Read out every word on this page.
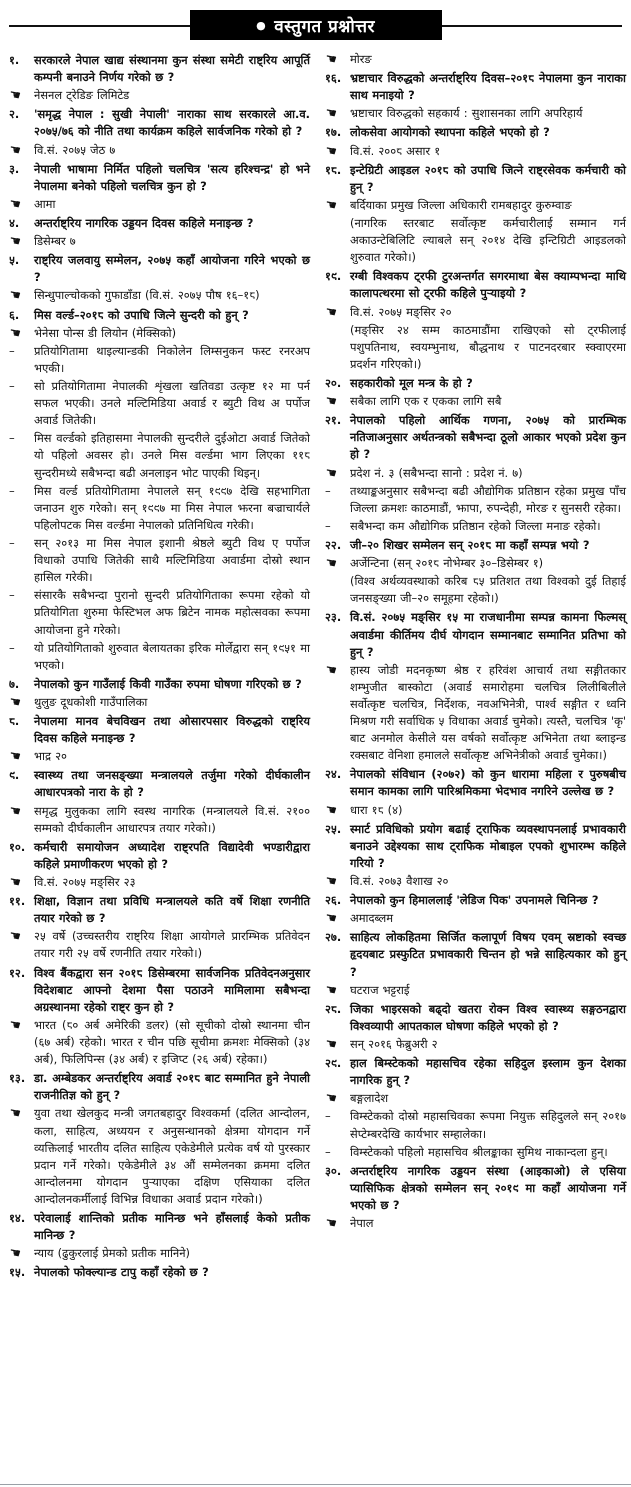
● वस्तुगत प्रश्नोत्तर
१.	सरकारले नेपाल खाद्य संस्थानमा कुन संस्था समेटी राष्ट्रिय आपूर्ति कम्पनी बनाउने निर्णय गरेको छ ?
☚	नेसनल ट्रेडिङ लिमिटेड
२.	'समृद्ध नेपाल : सुखी नेपाली' नाराका साथ सरकारले आ.व. २०७५/७६ को नीति तथा कार्यक्रम कहिले सार्वजनिक गरेको हो ?
☚	वि.सं. २०७५ जेठ ७
३.	नेपाली भाषामा निर्मित पहिलो चलचित्र 'सत्य हरिश्चन्द्र' हो भने नेपालमा बनेको पहिलो चलचित्र कुन हो ?
☚	आमा
४.	अन्तर्राष्ट्रिय नागरिक उड्डयन दिवस कहिले मनाइन्छ ?
☚	डिसेम्बर ७
५.	राष्ट्रिय जलवायु सम्मेलन, २०७५ कहाँ आयोजना गरिने भएको छ ?
☚	सिन्धुपाल्चोकको गुफाडाँडा (वि.सं. २०७५ पौष १६–१८)
६.	मिस वर्ल्ड–२०१८ को उपाधि जित्ने सुन्दरी को हुन् ?
☚	भेनेसा पोन्स डी लियोन (मेक्सिको)
–	प्रतियोगितामा थाइल्यान्डकी निकोलेन लिम्सनुकन फस्ट रनरअप भएकी।
–	सो प्रतियोगितामा नेपालकी शृंखला खतिवडा उत्कृष्ट १२ मा पर्न सफल भएकी। उनले मल्टिमिडिया अवार्ड र ब्युटी विथ अ पर्पोज अवार्ड जितेकी।
–	मिस वर्ल्डको इतिहासमा नेपालकी सुन्दरीले दुईओटा अवार्ड जितेको यो पहिलो अवसर हो। उनले मिस वर्ल्डमा भाग लिएका ११८ सुन्दरीमध्ये सबैभन्दा बढी अनलाइन भोट पाएकी थिइन्।
–	मिस वर्ल्ड प्रतियोगितामा नेपालले सन् १९९७ देखि सहभागिता जनाउन शुरु गरेको। सन् १९९७ मा मिस नेपाल झरना बज्राचार्यले पहिलोपटक मिस वर्ल्डमा नेपालको प्रतिनिधित्व गरेकी।
–	सन् २०१३ मा मिस नेपाल इशानी श्रेष्ठले ब्युटी विथ ए पर्पोज विधाको उपाधि जितेकी साथै मल्टिमिडिया अवार्डमा दोस्रो स्थान हासिल गरेकी।
–	संसारकै सबैभन्दा पुरानो सुन्दरी प्रतियोगिताका रूपमा रहेको यो प्रतियोगिता शुरुमा फेस्टिभल अफ ब्रिटेन नामक महोत्सवका रूपमा आयोजना हुने गरेको।
–	यो प्रतियोगिताको शुरुवात बेलायतका इरिक मोर्लेद्वारा सन् १९५१ मा भएको।
७.	नेपालको कुन गाउँलाई किवी गाउँका रुपमा घोषणा गरिएको छ ?
☚	थुलुङ दूधकोशी गाउँपालिका
८.	नेपालमा मानव बेचविखन तथा ओसारपसार विरुद्धको राष्ट्रिय दिवस कहिले मनाइन्छ ?
☚	भाद्र २०
९.	स्वास्थ्य तथा जनसङ्ख्या मन्त्रालयले तर्जुमा गरेको दीर्घकालीन आधारपत्रको नारा के हो ?
☚	समृद्ध मुलुकका लागि स्वस्थ नागरिक (मन्त्रालयले वि.सं. २१०० सम्मको दीर्घकालीन आधारपत्र तयार गरेको।)
१०. कर्मचारी समायोजन अध्यादेश राष्ट्रपति विद्यादेवी भण्डारीद्वारा कहिले प्रमाणीकरण भएको हो ?
☚	वि.सं. २०७५ मङ्सिर २३
११. शिक्षा, विज्ञान तथा प्रविधि मन्त्रालयले कति वर्षे शिक्षा रणनीति तयार गरेको छ ?
☚	२५ वर्षे (उच्चस्तरीय राष्ट्रिय शिक्षा आयोगले प्रारम्भिक प्रतिवेदन तयार गरी २५ वर्षे रणनीति तयार गरेको।)
१२. विश्व बैंकद्वारा सन २०१८ डिसेम्बरमा सार्वजनिक प्रतिवेदनअनुसार विदेशबाट आफ्नो देशमा पैसा पठाउने मामिलामा सबैभन्दा अग्रस्थानमा रहेको राष्ट्र कुन हो ?
☚	भारत (८० अर्ब अमेरिकी डलर) (सो सूचीको दोस्रो स्थानमा चीन (६७ अर्ब) रहेको। भारत र चीन पछि सूचीमा क्रमशः मेक्सिको (३४ अर्ब), फिलिपिन्स (३४ अर्ब) र इजिप्ट (२६ अर्ब) रहेका।)
१३. डा. अम्बेडकर अन्तर्राष्ट्रिय अवार्ड २०१८ बाट सम्मानित हुने नेपाली राजनीतिज्ञ को हुन् ?
☚	युवा तथा खेलकुद मन्त्री जगतबहादुर विश्वकर्मा (दलित आन्दोलन, कला, साहित्य, अध्ययन र अनुसन्धानको क्षेत्रमा योगदान गर्ने व्यक्तिलाई भारतीय दलित साहित्य एकेडेमीले प्रत्येक वर्ष यो पुरस्कार प्रदान गर्ने गरेको। एकेडेमीले ३४ औं सम्मेलनका क्रममा दलित आन्दोलनमा योगदान पुऱ्याएका दक्षिण एसियाका दलित आन्दोलनकर्मीलाई विभिन्न विधाका अवार्ड प्रदान गरेको।)
१४. परेवालाई शान्तिको प्रतीक मानिन्छ भने हाँसलाई केको प्रतीक मानिन्छ ?
☚	न्याय (ढुकुरलाई प्रेमको प्रतीक मानिने)
१५. नेपालको फोक्ल्यान्ड टापु कहाँ रहेको छ ?
☚	मोरङ
१६. भ्रष्टाचार विरुद्धको अन्तर्राष्ट्रिय दिवस–२०१८ नेपालमा कुन नाराका साथ मनाइयो ?
☚	भ्रष्टाचार विरुद्धको सहकार्य : सुशासनका लागि अपरिहार्य
१७. लोकसेवा आयोगको स्थापना कहिले भएको हो ?
☚	वि.सं. २००८ असार १
१८. इन्टेग्रिटी आइडल २०१८ को उपाधि जित्ने राष्ट्रसेवक कर्मचारी को हुन् ?
☚	बर्दियाका प्रमुख जिल्ला अधिकारी रामबहादुर कुरुम्वाङ
(नागरिक स्तरबाट सर्वोत्कृष्ट कर्मचारीलाई सम्मान गर्न अकाउन्टेबिलिटि ल्याबले सन् २०१४ देखि इन्टिग्रिटी आइडलको शुरुवात गरेको।)
१९. रग्बी विश्वकप ट्रफी टुरअन्तर्गत सगरमाथा बेस क्याम्पभन्दा माथि कालापत्थरमा सो ट्रफी कहिले पुऱ्याइयो ?
☚	वि.सं. २०७५ मङ्सिर २०
(मङ्सिर २४ सम्म काठमाडौंमा राखिएको सो ट्रफीलाई पशुपतिनाथ, स्वयम्भुनाथ, बौद्धनाथ र पाटनदरबार स्क्वाएरमा प्रदर्शन गरिएको।)
२०. सहकारीको मूल मन्त्र के हो ?
☚	सबैका लागि एक र एकका लागि सबै
२१. नेपालको पहिलो आर्थिक गणना, २०७५ को प्रारम्भिक नतिजाअनुसार अर्थतन्त्रको सबैभन्दा ठूलो आकार भएको प्रदेश कुन हो ?
☚	प्रदेश नं. ३ (सबैभन्दा सानो : प्रदेश नं. ७)
–	तथ्याङ्कअनुसार सबैभन्दा बढी औद्योगिक प्रतिष्ठान रहेका प्रमुख पाँच जिल्ला क्रमशः काठमाडौं, झापा, रुपन्देही, मोरङ र सुनसरी रहेका।
–	सबैभन्दा कम औद्योगिक प्रतिष्ठान रहेको जिल्ला मनाङ रहेको।
२२. जी–२० शिखर सम्मेलन सन् २०१८ मा कहाँ सम्पन्न भयो ?
☚	अर्जेन्टिना (सन् २०१८ नोभेम्बर ३०–डिसेम्बर १)
(विश्व अर्थव्यवस्थाको करिब ८५ प्रतिशत तथा विश्वको दुई तिहाई जनसङ्ख्या जी–२० समूहमा रहेको।)
२३. वि.सं. २०७५ मङ्सिर १५ मा राजधानीमा सम्पन्न कामना फिल्मस् अवार्डमा कीर्तिमय दीर्घ योगदान सम्मानबाट सम्मानित प्रतिभा को हुन् ?
☚	हास्य जोडी मदनकृष्ण श्रेष्ठ र हरिवंश आचार्य तथा सङ्गीतकार शम्भुजीत बास्कोटा (अवार्ड समारोहमा चलचित्र लिलीबिलीले सर्वोत्कृष्ट चलचित्र, निर्देशक, नवअभिनेत्री, पार्श्व सङ्गीत र ध्वनि मिश्रण गरी सर्वाधिक ५ विधाका अवार्ड चुमेको। त्यस्तै, चलचित्र 'कृ' बाट अनमोल केसीले यस वर्षको सर्वोत्कृष्ट अभिनेता तथा ब्लाइन्ड रक्सबाट वेनिशा हमालले सर्वोत्कृष्ट अभिनेत्रीको अवार्ड चुमेका।)
२४. नेपालको संविधान (२०७२) को कुन धारामा महिला र पुरुषबीच समान कामका लागि पारिश्रमिकमा भेदभाव नगरिने उल्लेख छ ?
☚	धारा १८ (४)
२५. स्मार्ट प्रविधिको प्रयोग बढाई ट्राफिक व्यवस्थापनलाई प्रभावकारी बनाउने उद्देश्यका साथ ट्राफिक मोबाइल एपको शुभारम्भ कहिले गरियो ?
☚	वि.सं. २०७३ वैशाख २०
२६. नेपालको कुन हिमाललाई 'लेडिज पिक' उपनामले चिनिन्छ ?
☚	अमादब्लम
२७. साहित्य लोकहितमा सिर्जित कलापूर्ण विषय एवम् स्रष्टाको स्वच्छ हृदयबाट प्रस्फुटित प्रभावकारी चिन्तन हो भन्ने साहित्यकार को हुन् ?
☚	घटराज भट्टराई
२८. जिका भाइरसको बढ्दो खतरा रोक्न विश्व स्वास्थ्य सङ्गठनद्वारा विश्वव्यापी आपतकाल घोषणा कहिले भएको हो ?
☚	सन् २०१६ फेब्रुअरी २
२९. हाल बिम्स्टेकको महासचिव रहेका सहिदुल इस्लाम कुन देशका नागरिक हुन् ?
☚	बङ्गलादेश
–	विम्स्टेकको दोस्रो महासचिवका रूपमा नियुक्त सहिदुलले सन् २०१७ सेप्टेम्बरदेखि कार्यभार सम्हालेका।
–	विम्स्टेकको पहिलो महासचिव श्रीलङ्काका सुमिथ नाकान्दला हुन्।
३०. अन्तर्राष्ट्रिय नागरिक उड्डयन संस्था (आइकाओ) ले एसिया प्यासिफिक क्षेत्रको सम्मेलन सन् २०१९ मा कहाँ आयोजना गर्ने भएको छ ?
☚	नेपाल
